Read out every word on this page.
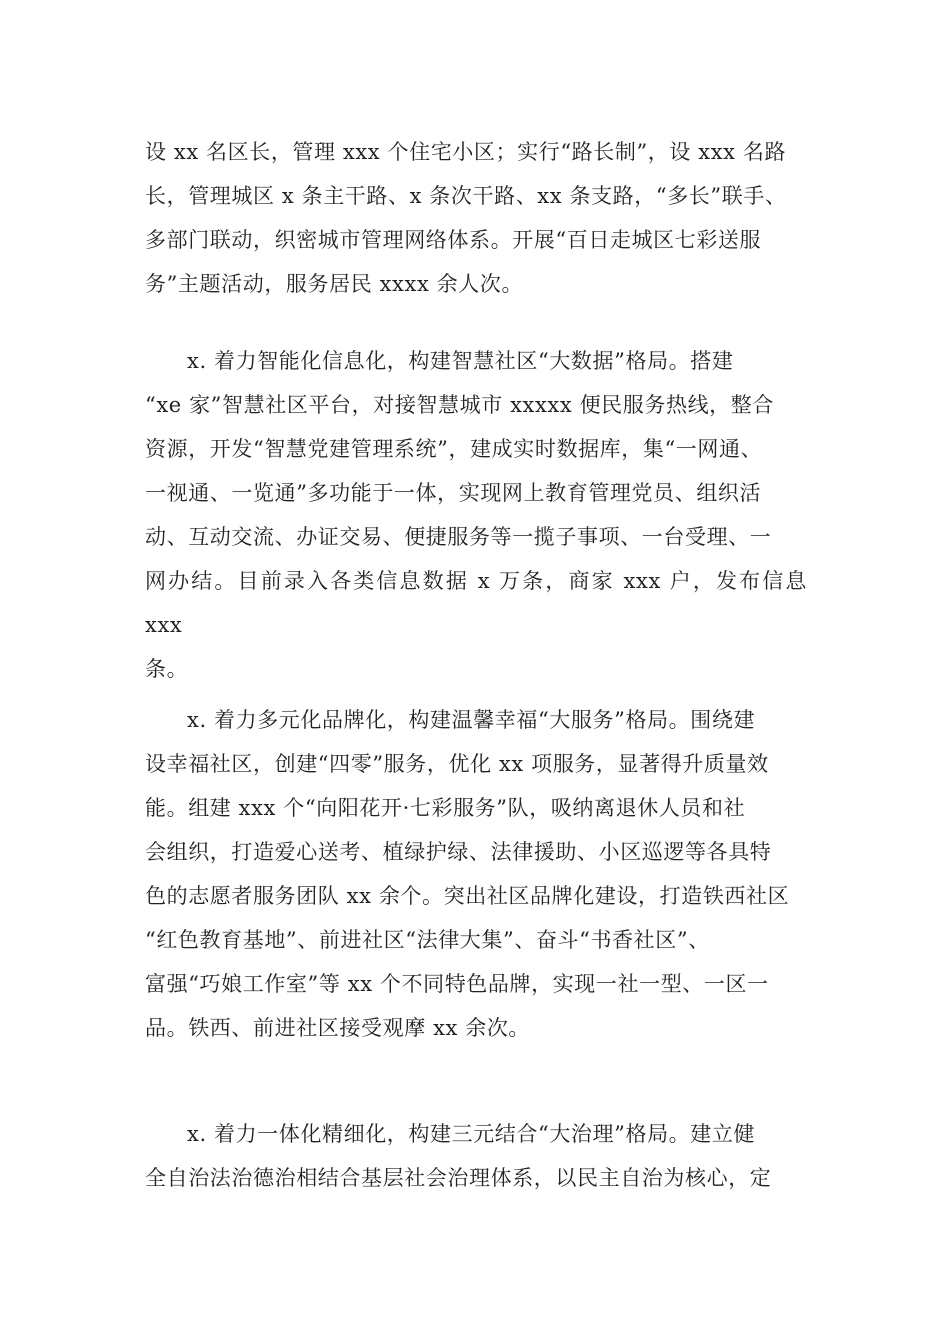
设 xx 名区长，管理 xxx 个住宅小区；实行“路长制”，设 xxx 名路

长，管理城区 x 条主干路、x 条次干路、xx 条支路，“多长”联手、

多部门联动，织密城市管理网络体系。开展“百日走城区七彩送服

务”主题活动，服务居民 xxxx 余人次。

x. 着力智能化信息化，构建智慧社区“大数据”格局。搭建

“xe 家”智慧社区平台，对接智慧城市 xxxxx 便民服务热线，整合

资源，开发“智慧党建管理系统”，建成实时数据库，集“一网通、

一视通、一览通”多功能于一体，实现网上教育管理党员、组织活

动、互动交流、办证交易、便捷服务等一揽子事项、一台受理、一

网办结。目前录入各类信息数据 x 万条，商家 xxx 户，发布信息 xxx

条。

x. 着力多元化品牌化，构建温馨幸福“大服务”格局。围绕建

设幸福社区，创建“四零”服务，优化 xx 项服务，显著得升质量效

能。组建 xxx 个“向阳花开·七彩服务”队，吸纳离退休人员和社

会组织，打造爱心送考、植绿护绿、法律援助、小区巡逻等各具特

色的志愿者服务团队 xx 余个。突出社区品牌化建设，打造铁西社区

“红色教育基地”、前进社区“法律大集”、奋斗“书香社区”、

富强“巧娘工作室”等 xx 个不同特色品牌，实现一社一型、一区一

品。铁西、前进社区接受观摩 xx 余次。

x. 着力一体化精细化，构建三元结合“大治理”格局。建立健

全自治法治德治相结合基层社会治理体系，以民主自治为核心，定
